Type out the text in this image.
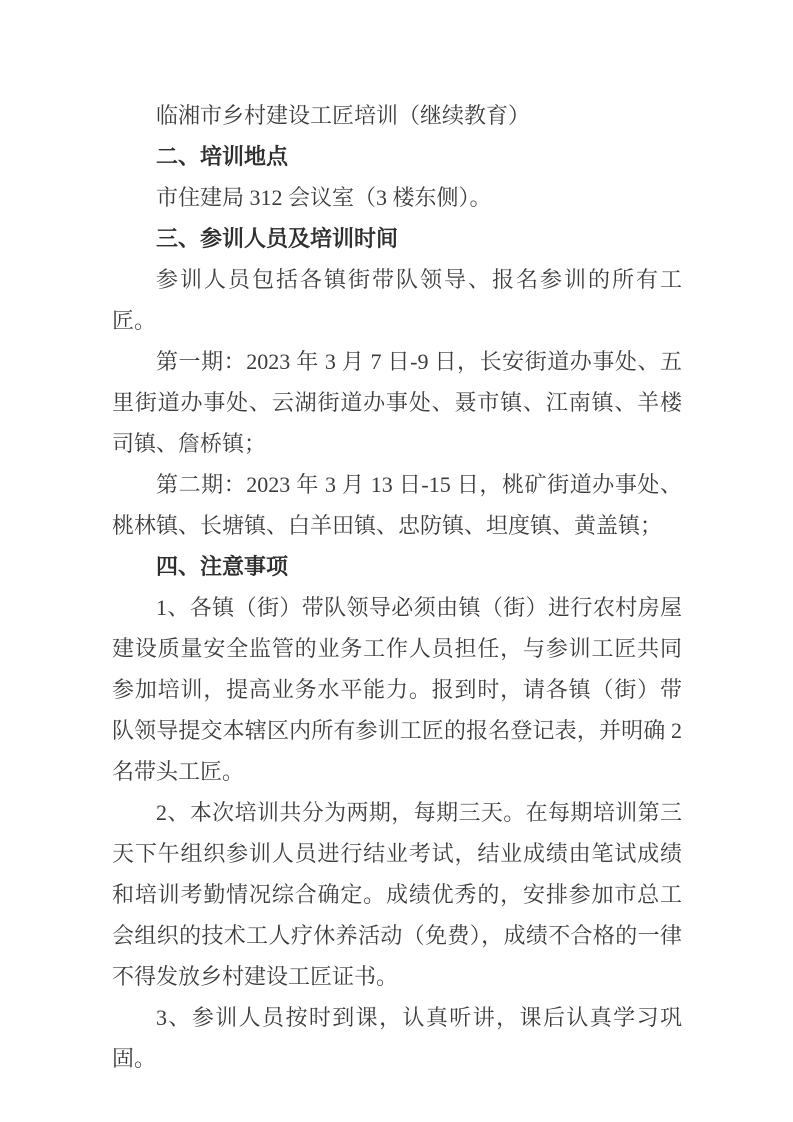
临湘市乡村建设工匠培训（继续教育）

二、培训地点

市住建局 312 会议室（3 楼东侧）。

三、参训人员及培训时间

参训人员包括各镇街带队领导、报名参训的所有工匠。

第一期：2023 年 3 月 7 日-9 日，长安街道办事处、五里街道办事处、云湖街道办事处、聂市镇、江南镇、羊楼司镇、詹桥镇；

第二期：2023 年 3 月 13 日-15 日，桃矿街道办事处、桃林镇、长塘镇、白羊田镇、忠防镇、坦度镇、黄盖镇；

四、注意事项

1、各镇（街）带队领导必须由镇（街）进行农村房屋建设质量安全监管的业务工作人员担任，与参训工匠共同参加培训，提高业务水平能力。报到时，请各镇（街）带队领导提交本辖区内所有参训工匠的报名登记表，并明确 2 名带头工匠。

2、本次培训共分为两期，每期三天。在每期培训第三天下午组织参训人员进行结业考试，结业成绩由笔试成绩和培训考勤情况综合确定。成绩优秀的，安排参加市总工会组织的技术工人疗休养活动（免费），成绩不合格的一律不得发放乡村建设工匠证书。

3、参训人员按时到课，认真听讲，课后认真学习巩固。
